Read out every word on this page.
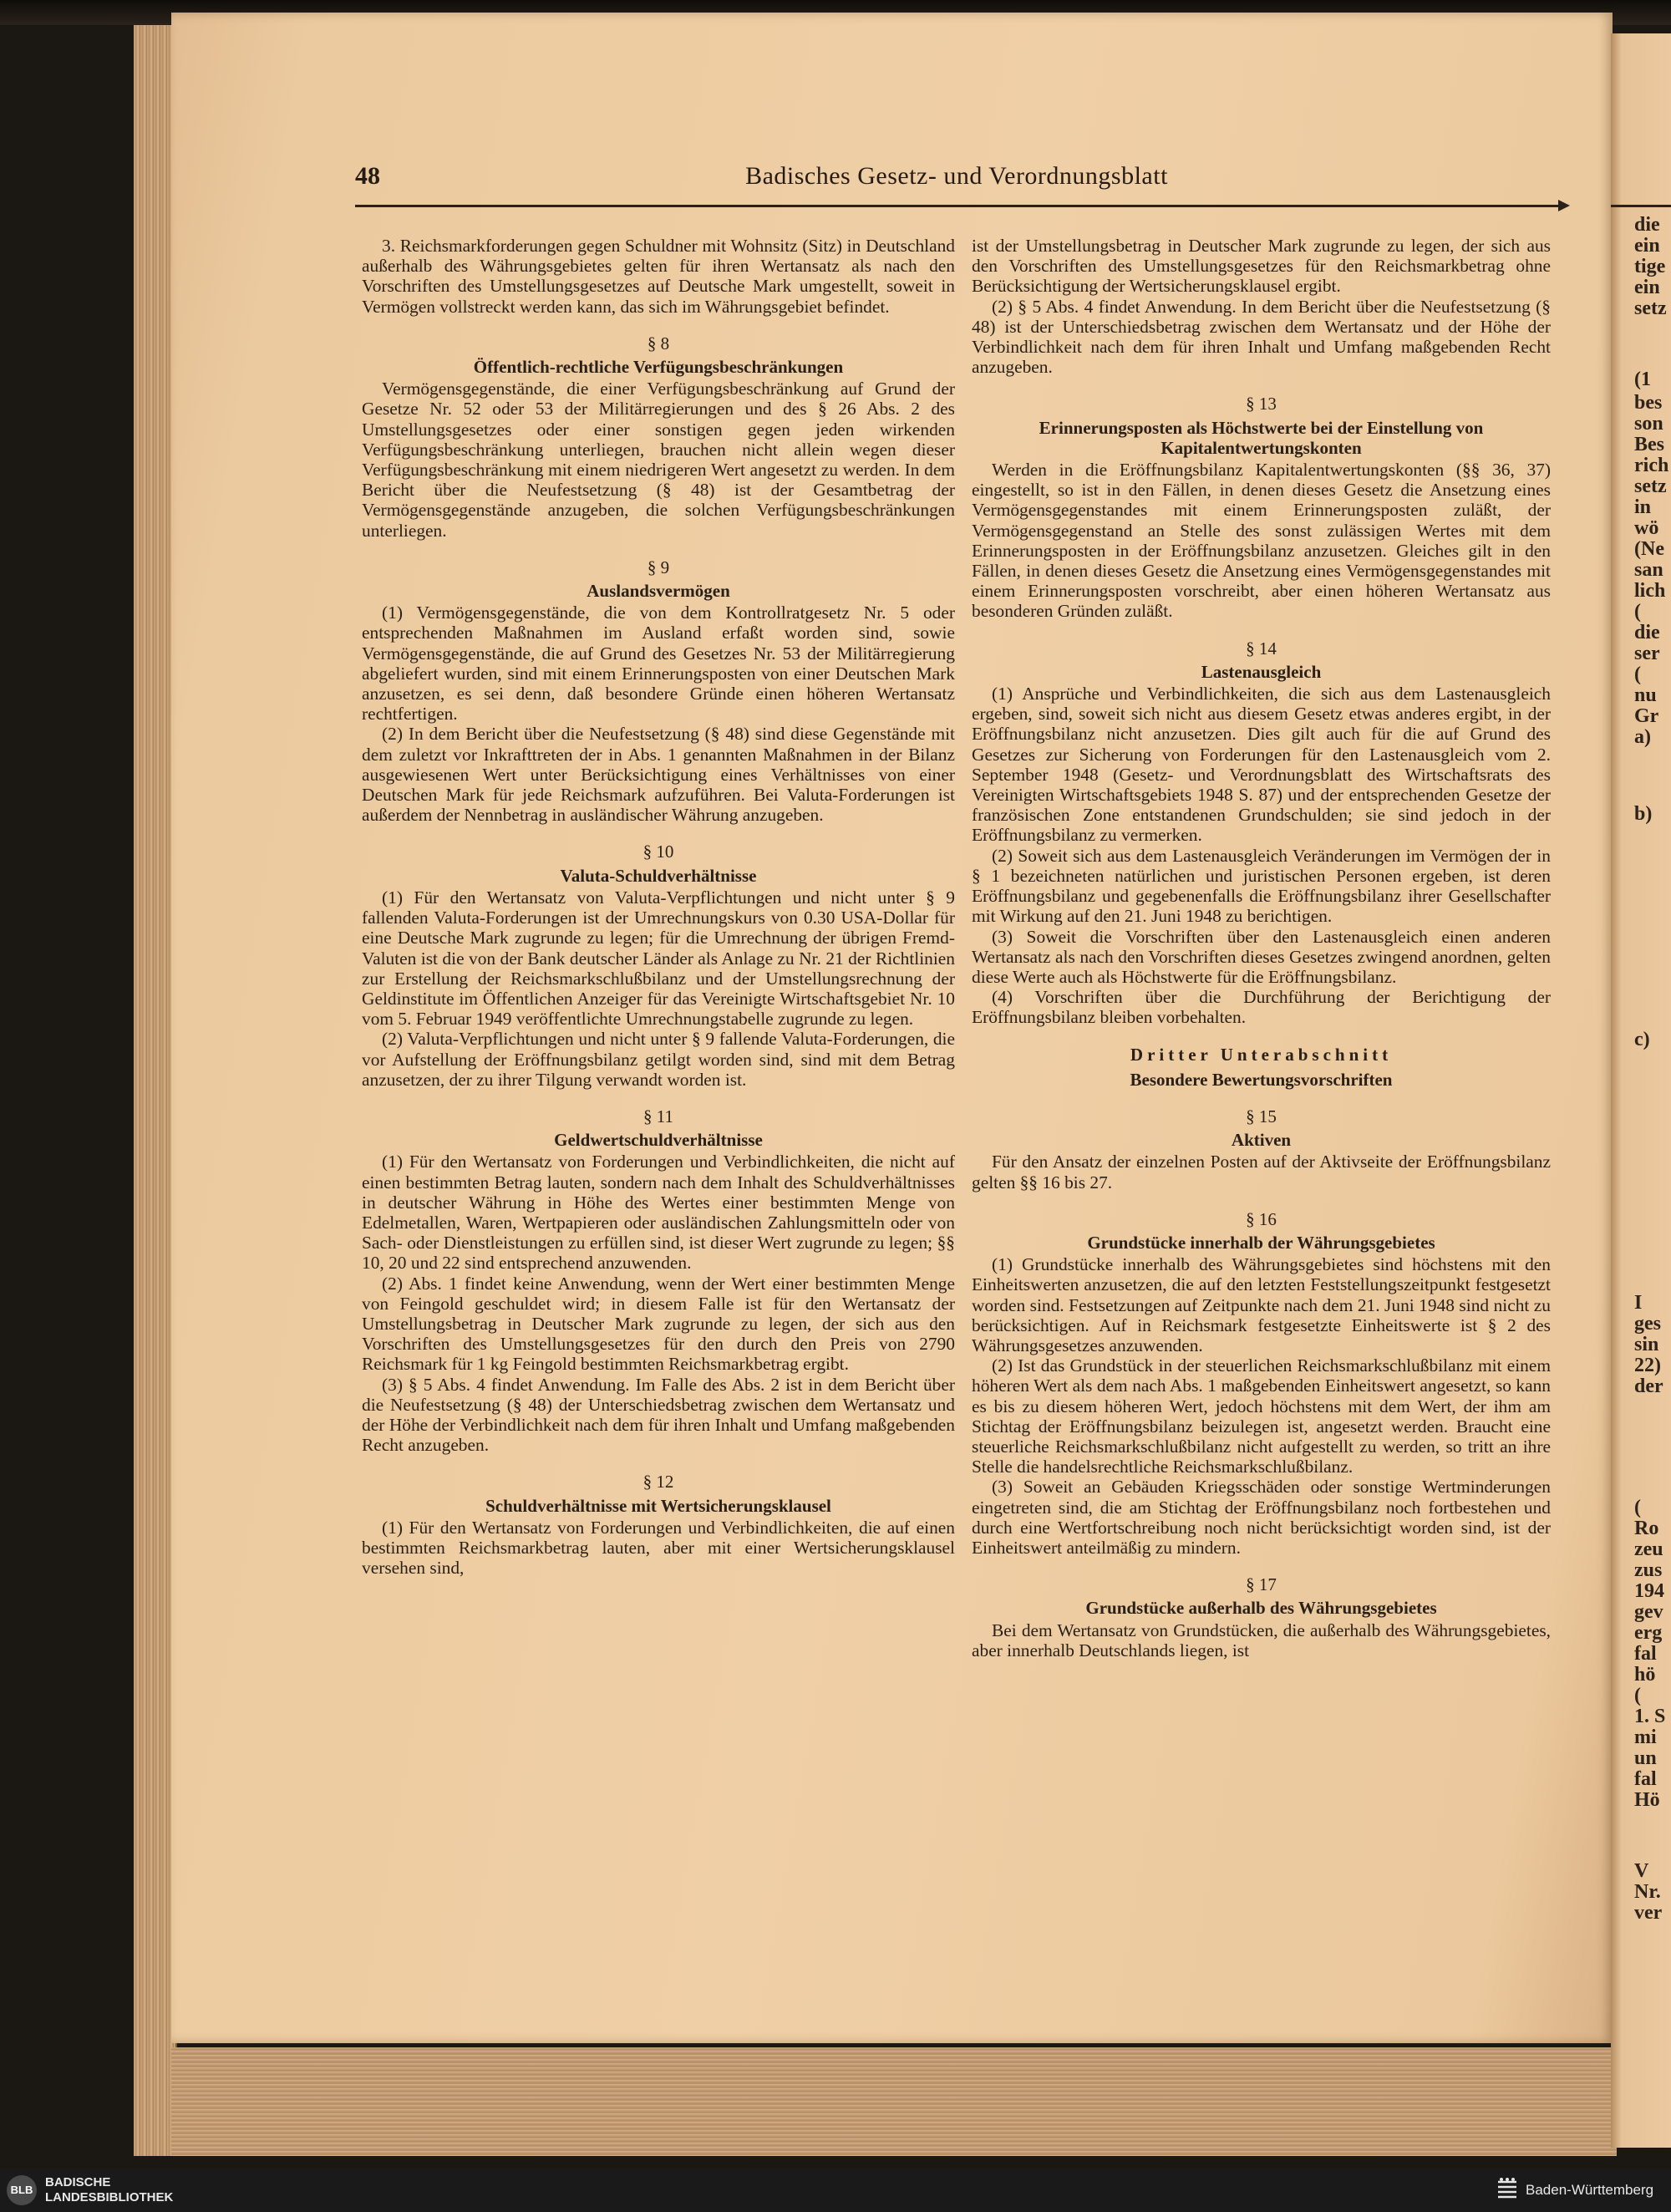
die
ein
tige
ein
setz
(1
bes
son
Bes
rich
setz
in
wö
(Ne
san
lich
(
die
ser
(
nu
Gr
a)
b)
c)
I
ges
sin
22)
der
(
Ro
zeu
zus
194
gev
erg
fal
hö
(
1. S
mi
un
fal
Hö
V
Nr.
ver
48	Badisches Gesetz- und Verordnungsblatt

3. Reichsmarkforderungen gegen Schuldner mit Wohnsitz (Sitz) in Deutschland außerhalb des Währungsgebietes gelten für ihren Wertansatz als nach den Vorschriften des Umstellungsgesetzes auf Deutsche Mark umgestellt, soweit in Vermögen vollstreckt werden kann, das sich im Währungsgebiet befindet.

§ 8
Öffentlich-rechtliche Verfügungsbeschränkungen

Vermögensgegenstände, die einer Verfügungsbeschränkung auf Grund der Gesetze Nr. 52 oder 53 der Militärregierungen und des § 26 Abs. 2 des Umstellungsgesetzes oder einer sonstigen gegen jeden wirkenden Verfügungsbeschränkung unterliegen, brauchen nicht allein wegen dieser Verfügungsbeschränkung mit einem niedrigeren Wert angesetzt zu werden. In dem Bericht über die Neufestsetzung (§ 48) ist der Gesamtbetrag der Vermögensgegenstände anzugeben, die solchen Verfügungsbeschränkungen unterliegen.

§ 9
Auslandsvermögen

(1) Vermögensgegenstände, die von dem Kontrollratgesetz Nr. 5 oder entsprechenden Maßnahmen im Ausland erfaßt worden sind, sowie Vermögensgegenstände, die auf Grund des Gesetzes Nr. 53 der Militärregierung abgeliefert wurden, sind mit einem Erinnerungsposten von einer Deutschen Mark anzusetzen, es sei denn, daß besondere Gründe einen höheren Wertansatz rechtfertigen.

(2) In dem Bericht über die Neufestsetzung (§ 48) sind diese Gegenstände mit dem zuletzt vor Inkrafttreten der in Abs. 1 genannten Maßnahmen in der Bilanz ausgewiesenen Wert unter Berücksichtigung eines Verhältnisses von einer Deutschen Mark für jede Reichsmark aufzuführen. Bei Valuta-Forderungen ist außerdem der Nennbetrag in ausländischer Währung anzugeben.

§ 10
Valuta-Schuldverhältnisse

(1) Für den Wertansatz von Valuta-Verpflichtungen und nicht unter § 9 fallenden Valuta-Forderungen ist der Umrechnungskurs von 0.30 USA-Dollar für eine Deutsche Mark zugrunde zu legen; für die Umrechnung der übrigen Fremd-Valuten ist die von der Bank deutscher Länder als Anlage zu Nr. 21 der Richtlinien zur Erstellung der Reichsmarkschlußbilanz und der Umstellungsrechnung der Geldinstitute im Öffentlichen Anzeiger für das Vereinigte Wirtschaftsgebiet Nr. 10 vom 5. Februar 1949 veröffentlichte Umrechnungstabelle zugrunde zu legen.

(2) Valuta-Verpflichtungen und nicht unter § 9 fallende Valuta-Forderungen, die vor Aufstellung der Eröffnungsbilanz getilgt worden sind, sind mit dem Betrag anzusetzen, der zu ihrer Tilgung verwandt worden ist.

§ 11
Geldwertschuldverhältnisse

(1) Für den Wertansatz von Forderungen und Verbindlichkeiten, die nicht auf einen bestimmten Betrag lauten, sondern nach dem Inhalt des Schuldverhältnisses in deutscher Währung in Höhe des Wertes einer bestimmten Menge von Edelmetallen, Waren, Wertpapieren oder ausländischen Zahlungsmitteln oder von Sach- oder Dienstleistungen zu erfüllen sind, ist dieser Wert zugrunde zu legen; §§ 10, 20 und 22 sind entsprechend anzuwenden.

(2) Abs. 1 findet keine Anwendung, wenn der Wert einer bestimmten Menge von Feingold geschuldet wird; in diesem Falle ist für den Wertansatz der Umstellungsbetrag in Deutscher Mark zugrunde zu legen, der sich aus den Vorschriften des Umstellungsgesetzes für den durch den Preis von 2790 Reichsmark für 1 kg Feingold bestimmten Reichsmarkbetrag ergibt.

(3) § 5 Abs. 4 findet Anwendung. Im Falle des Abs. 2 ist in dem Bericht über die Neufestsetzung (§ 48) der Unterschiedsbetrag zwischen dem Wertansatz und der Höhe der Verbindlichkeit nach dem für ihren Inhalt und Umfang maßgebenden Recht anzugeben.

§ 12
Schuldverhältnisse mit Wertsicherungsklausel

(1) Für den Wertansatz von Forderungen und Verbindlichkeiten, die auf einen bestimmten Reichsmarkbetrag lauten, aber mit einer Wertsicherungsklausel versehen sind,

ist der Umstellungsbetrag in Deutscher Mark zugrunde zu legen, der sich aus den Vorschriften des Umstellungsgesetzes für den Reichsmarkbetrag ohne Berücksichtigung der Wertsicherungsklausel ergibt.

(2) § 5 Abs. 4 findet Anwendung. In dem Bericht über die Neufestsetzung (§ 48) ist der Unterschiedsbetrag zwischen dem Wertansatz und der Höhe der Verbindlichkeit nach dem für ihren Inhalt und Umfang maßgebenden Recht anzugeben.

§ 13
Erinnerungsposten als Höchstwerte bei der Einstellung von Kapitalentwertungskonten

Werden in die Eröffnungsbilanz Kapitalentwertungskonten (§§ 36, 37) eingestellt, so ist in den Fällen, in denen dieses Gesetz die Ansetzung eines Vermögensgegenstandes mit einem Erinnerungsposten zuläßt, der Vermögensgegenstand an Stelle des sonst zulässigen Wertes mit dem Erinnerungsposten in der Eröffnungsbilanz anzusetzen. Gleiches gilt in den Fällen, in denen dieses Gesetz die Ansetzung eines Vermögensgegenstandes mit einem Erinnerungsposten vorschreibt, aber einen höheren Wertansatz aus besonderen Gründen zuläßt.

§ 14
Lastenausgleich

(1) Ansprüche und Verbindlichkeiten, die sich aus dem Lastenausgleich ergeben, sind, soweit sich nicht aus diesem Gesetz etwas anderes ergibt, in der Eröffnungsbilanz nicht anzusetzen. Dies gilt auch für die auf Grund des Gesetzes zur Sicherung von Forderungen für den Lastenausgleich vom 2. September 1948 (Gesetz- und Verordnungsblatt des Wirtschaftsrats des Vereinigten Wirtschaftsgebiets 1948 S. 87) und der entsprechenden Gesetze der französischen Zone entstandenen Grundschulden; sie sind jedoch in der Eröffnungsbilanz zu vermerken.

(2) Soweit sich aus dem Lastenausgleich Veränderungen im Vermögen der in § 1 bezeichneten natürlichen und juristischen Personen ergeben, ist deren Eröffnungsbilanz und gegebenenfalls die Eröffnungsbilanz ihrer Gesellschafter mit Wirkung auf den 21. Juni 1948 zu berichtigen.

(3) Soweit die Vorschriften über den Lastenausgleich einen anderen Wertansatz als nach den Vorschriften dieses Gesetzes zwingend anordnen, gelten diese Werte auch als Höchstwerte für die Eröffnungsbilanz.

(4) Vorschriften über die Durchführung der Berichtigung der Eröffnungsbilanz bleiben vorbehalten.

Dritter Unterabschnitt
Besondere Bewertungsvorschriften
§ 15
Aktiven

Für den Ansatz der einzelnen Posten auf der Aktivseite der Eröffnungsbilanz gelten §§ 16 bis 27.

§ 16
Grundstücke innerhalb der Währungsgebietes

(1) Grundstücke innerhalb des Währungsgebietes sind höchstens mit den Einheitswerten anzusetzen, die auf den letzten Feststellungszeitpunkt festgesetzt worden sind. Festsetzungen auf Zeitpunkte nach dem 21. Juni 1948 sind nicht zu berücksichtigen. Auf in Reichsmark festgesetzte Einheitswerte ist § 2 des Währungsgesetzes anzuwenden.

(2) Ist das Grundstück in der steuerlichen Reichsmarkschlußbilanz mit einem höheren Wert als dem nach Abs. 1 maßgebenden Einheitswert angesetzt, so kann es bis zu diesem höheren Wert, jedoch höchstens mit dem Wert, der ihm am Stichtag der Eröffnungsbilanz beizulegen ist, angesetzt werden. Braucht eine steuerliche Reichsmarkschlußbilanz nicht aufgestellt zu werden, so tritt an ihre Stelle die handelsrechtliche Reichsmarkschlußbilanz.

(3) Soweit an Gebäuden Kriegsschäden oder sonstige Wertminderungen eingetreten sind, die am Stichtag der Eröffnungsbilanz noch fortbestehen und durch eine Wertfortschreibung noch nicht berücksichtigt worden sind, ist der Einheitswert anteilmäßig zu mindern.

§ 17
Grundstücke außerhalb des Währungsgebietes

Bei dem Wertansatz von Grundstücken, die außerhalb des Währungsgebietes, aber innerhalb Deutschlands liegen, ist

BLB
BADISCHE
LANDESBIBLIOTHEK	Baden-Württemberg
